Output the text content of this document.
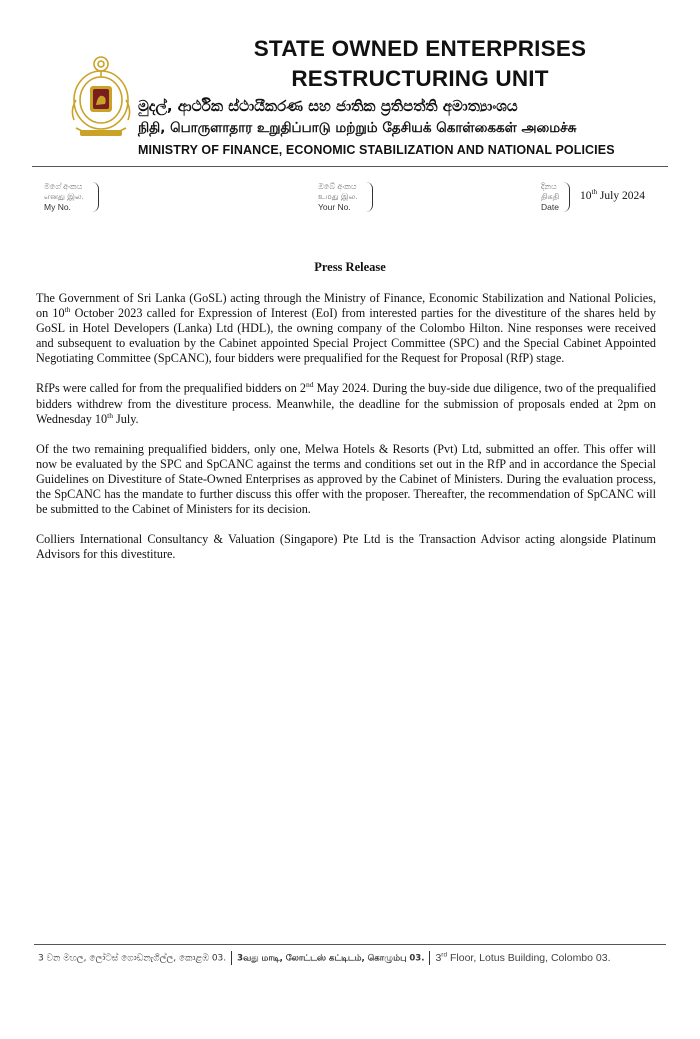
STATE OWNED ENTERPRISES
RESTRUCTURING UNIT
මුදල්, ආර්ථික ස්ථායීකරණ සහ ජාතික ප්‍රතිපත්ති අමාත්‍යාංශය
நிதி, பொருளாதார உறுதிப்பாடு மற்றும் தேசியக் கொள்கைகள் அமைச்சு
MINISTRY OF FINANCE, ECONOMIC STABILIZATION AND NATIONAL POLICIES
මගේ අංකය
எனது இல.
My No.
ඔබේ අංකය
உமது இல.
Your No.
දිනය
திகதி
Date
10th July 2024
Press Release

The Government of Sri Lanka (GoSL) acting through the Ministry of Finance, Economic Stabilization and National Policies, on 10th October 2023 called for Expression of Interest (EoI) from interested parties for the divestiture of the shares held by GoSL in Hotel Developers (Lanka) Ltd (HDL), the owning company of the Colombo Hilton. Nine responses were received and subsequent to evaluation by the Cabinet appointed Special Project Committee (SPC) and the Special Cabinet Appointed Negotiating Committee (SpCANC), four bidders were prequalified for the Request for Proposal (RfP) stage.

RfPs were called for from the prequalified bidders on 2nd May 2024. During the buy-side due diligence, two of the prequalified bidders withdrew from the divestiture process. Meanwhile, the deadline for the submission of proposals ended at 2pm on Wednesday 10th July.

Of the two remaining prequalified bidders, only one, Melwa Hotels & Resorts (Pvt) Ltd, submitted an offer. This offer will now be evaluated by the SPC and SpCANC against the terms and conditions set out in the RfP and in accordance the Special Guidelines on Divestiture of State-Owned Enterprises as approved by the Cabinet of Ministers. During the evaluation process, the SpCANC has the mandate to further discuss this offer with the proposer. Thereafter, the recommendation of SpCANC will be submitted to the Cabinet of Ministers for its decision.

Colliers International Consultancy & Valuation (Singapore) Pte Ltd is the Transaction Advisor acting alongside Platinum Advisors for this divestiture.

3 වන මහල, ලෝටස් ගොඩනැගිල්ල, කොළඹ 03. 3வது மாடி, லோட்டஸ் கட்டிடம், கொழும்பு 03. 3rd Floor, Lotus Building, Colombo 03.
